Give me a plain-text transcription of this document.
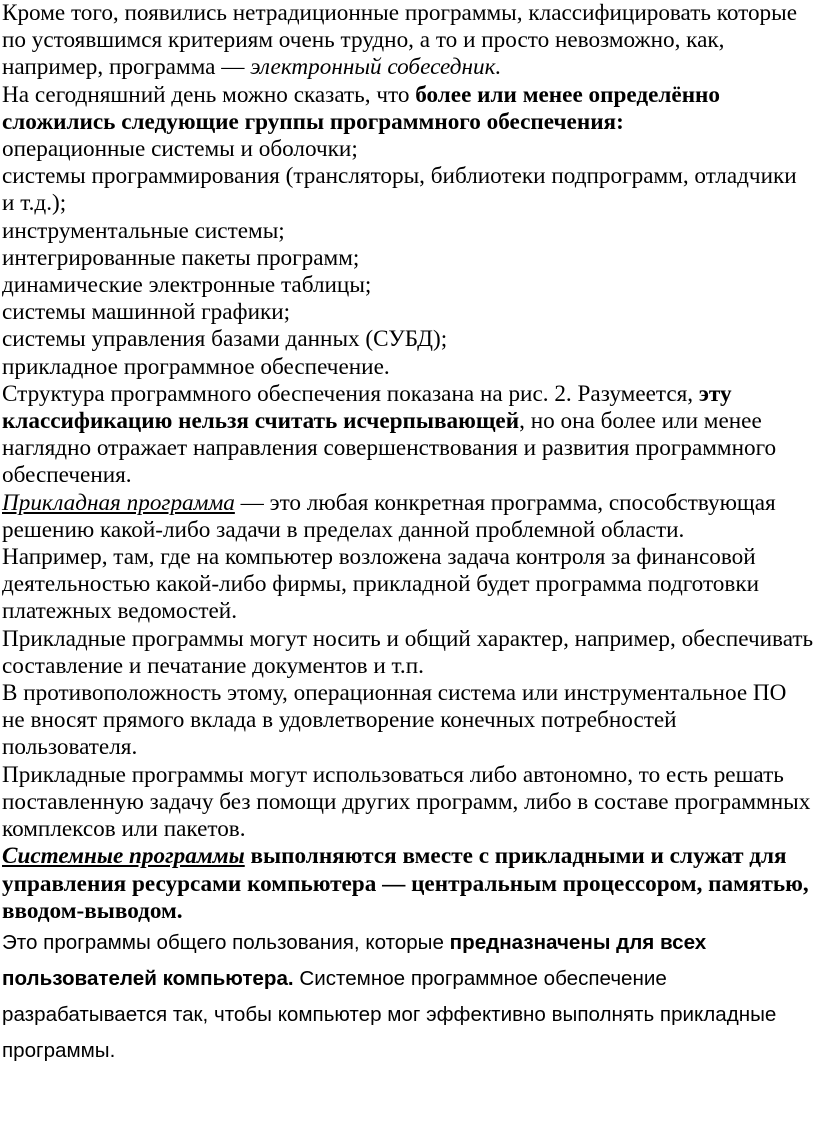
Кроме того, появились нетрадиционные программы, классифицировать которые по устоявшимся критериям очень трудно, а то и просто невозможно, как, например, программа — электронный собеседник.

На сегодняшний день можно сказать, что более или менее определённо сложились следующие группы программного обеспечения:

операционные системы и оболочки;

системы программирования (трансляторы, библиотеки подпрограмм, отладчики и т.д.);

инструментальные системы;

интегрированные пакеты программ;

динамические электронные таблицы;

системы машинной графики;

системы управления базами данных (СУБД);

прикладное программное обеспечение.

Структура программного обеспечения показана на рис. 2. Разумеется, эту классификацию нельзя считать исчерпывающей, но она более или менее наглядно отражает направления совершенствования и развития программного обеспечения.

Прикладная программа — это любая конкретная программа, способствующая решению какой-либо задачи в пределах данной проблемной области.

Например, там, где на компьютер возложена задача контроля за финансовой деятельностью какой-либо фирмы, прикладной будет программа подготовки платежных ведомостей.

Прикладные программы могут носить и общий характер, например, обеспечивать составление и печатание документов и т.п.

В противоположность этому, операционная система или инструментальное ПО не вносят прямого вклада в удовлетворение конечных потребностей пользователя.

Прикладные программы могут использоваться либо автономно, то есть решать поставленную задачу без помощи других программ, либо в составе программных комплексов или пакетов.

Системные программы выполняются вместе с прикладными и служат для управления ресурсами компьютера — центральным процессором, памятью, вводом-выводом.

Это программы общего пользования, которые предназначены для всех пользователей компьютера. Системное программное обеспечение разрабатывается так, чтобы компьютер мог эффективно выполнять прикладные программы.
